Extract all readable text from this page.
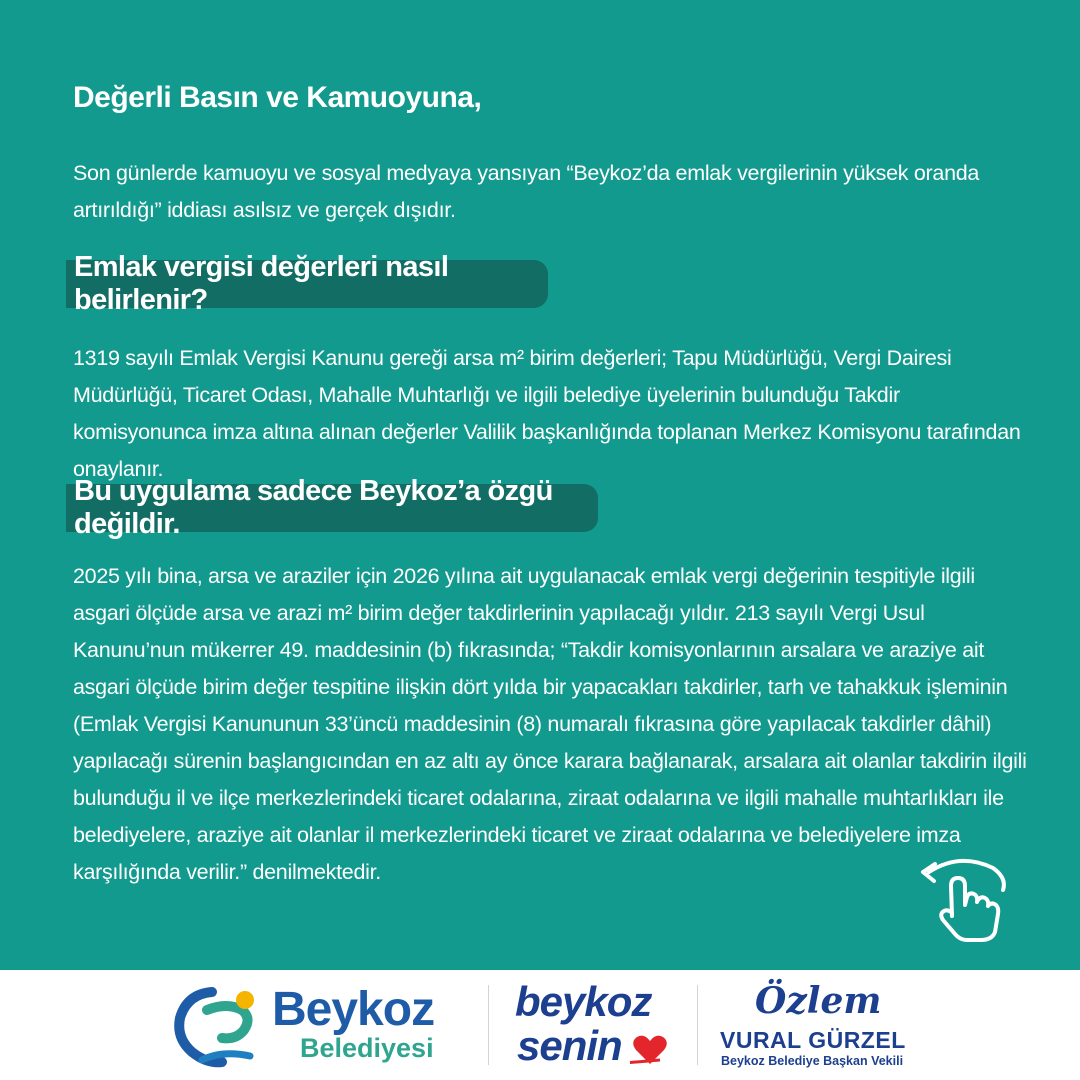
Değerli Basın ve Kamuoyuna,

Son günlerde kamuoyu ve sosyal medyaya yansıyan “Beykoz’da emlak vergilerinin yüksek oranda artırıldığı” iddiası asılsız ve gerçek dışıdır.

Emlak vergisi değerleri nasıl belirlenir?

1319 sayılı Emlak Vergisi Kanunu gereği arsa m² birim değerleri; Tapu Müdürlüğü, Vergi Dairesi Müdürlüğü, Ticaret Odası, Mahalle Muhtarlığı ve ilgili belediye üyelerinin bulunduğu Takdir komisyonunca imza altına alınan değerler Valilik başkanlığında toplanan Merkez Komisyonu tarafından onaylanır.

Bu uygulama sadece Beykoz’a özgü değildir.

2025 yılı bina, arsa ve araziler için 2026 yılına ait uygulanacak emlak vergi değerinin tespitiyle ilgili asgari ölçüde arsa ve arazi m² birim değer takdirlerinin yapılacağı yıldır. 213 sayılı Vergi Usul Kanunu’nun mükerrer 49. maddesinin (b) fıkrasında; “Takdir komisyonlarının arsalara ve araziye ait asgari ölçüde birim değer tespitine ilişkin dört yılda bir yapacakları takdirler, tarh ve tahakkuk işleminin (Emlak Vergisi Kanununun 33’üncü maddesinin (8) numaralı fıkrasına göre yapılacak takdirler dâhil) yapılacağı sürenin başlangıcından en az altı ay önce karara bağlanarak, arsalara ait olanlar takdirin ilgili bulunduğu il ve ilçe merkezlerindeki ticaret odalarına, ziraat odalarına ve ilgili mahalle muhtarlıkları ile belediyelere, araziye ait olanlar il merkezlerindeki ticaret ve ziraat odalarına ve belediyelere imza karşılığında verilir.” denilmektedir.

Beykoz
Belediyesi
beykoz
senin
Özlem
VURAL GÜRZEL
Beykoz Belediye Başkan Vekili
